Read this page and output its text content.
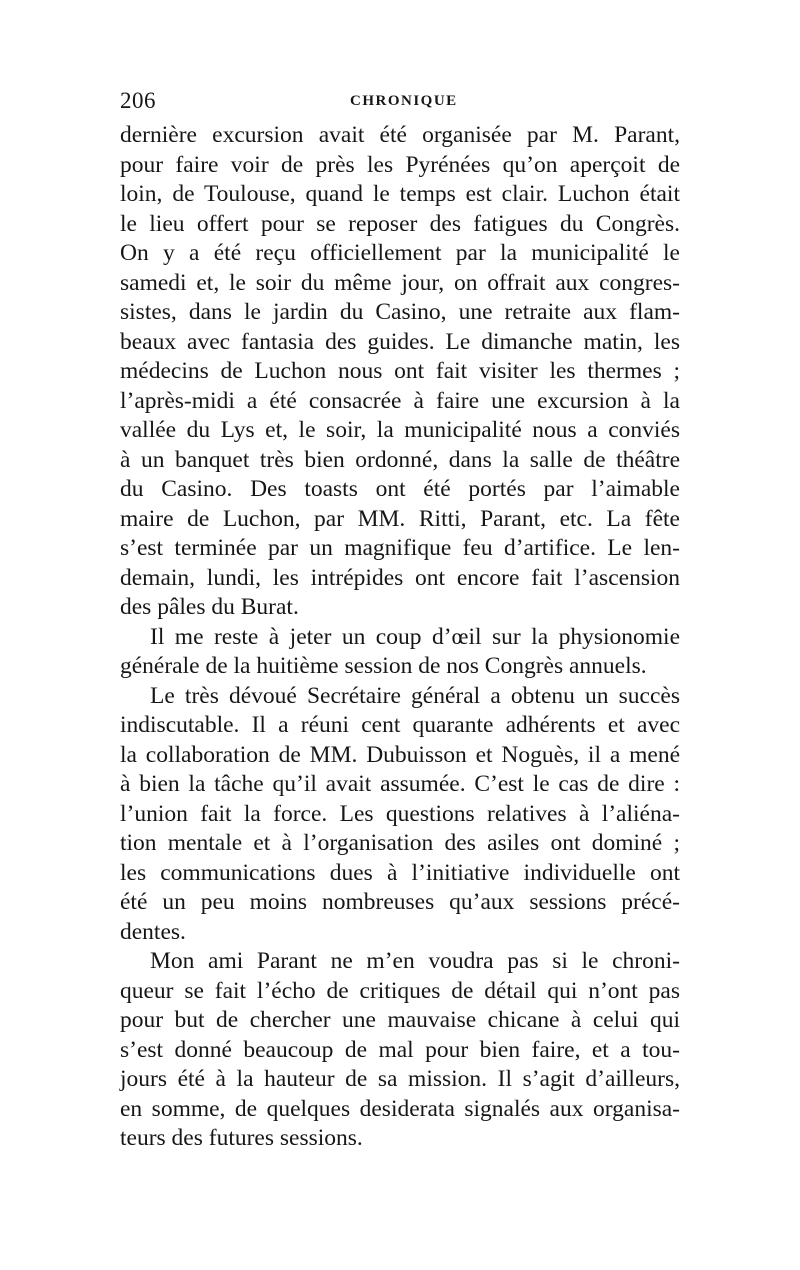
206	CHRONIQUE
dernière excursion avait été organisée par M. Parant,
pour faire voir de près les Pyrénées qu’on aperçoit de
loin, de Toulouse, quand le temps est clair. Luchon était
le lieu offert pour se reposer des fatigues du Congrès.
On y a été reçu officiellement par la municipalité le
samedi et, le soir du même jour, on offrait aux congres-
sistes, dans le jardin du Casino, une retraite aux flam-
beaux avec fantasia des guides. Le dimanche matin, les
médecins de Luchon nous ont fait visiter les thermes ;
l’après-midi a été consacrée à faire une excursion à la
vallée du Lys et, le soir, la municipalité nous a conviés
à un banquet très bien ordonné, dans la salle de théâtre
du Casino. Des toasts ont été portés par l’aimable
maire de Luchon, par MM. Ritti, Parant, etc. La fête
s’est terminée par un magnifique feu d’artifice. Le len-
demain, lundi, les intrépides ont encore fait l’ascension
des pâles du Burat.
Il me reste à jeter un coup d’œil sur la physionomie
générale de la huitième session de nos Congrès annuels.
Le très dévoué Secrétaire général a obtenu un succès
indiscutable. Il a réuni cent quarante adhérents et avec
la collaboration de MM. Dubuisson et Noguès, il a mené
à bien la tâche qu’il avait assumée. C’est le cas de dire :
l’union fait la force. Les questions relatives à l’aliéna-
tion mentale et à l’organisation des asiles ont dominé ;
les communications dues à l’initiative individuelle ont
été un peu moins nombreuses qu’aux sessions précé-
dentes.
Mon ami Parant ne m’en voudra pas si le chroni-
queur se fait l’écho de critiques de détail qui n’ont pas
pour but de chercher une mauvaise chicane à celui qui
s’est donné beaucoup de mal pour bien faire, et a tou-
jours été à la hauteur de sa mission. Il s’agit d’ailleurs,
en somme, de quelques desiderata signalés aux organisa-
teurs des futures sessions.
